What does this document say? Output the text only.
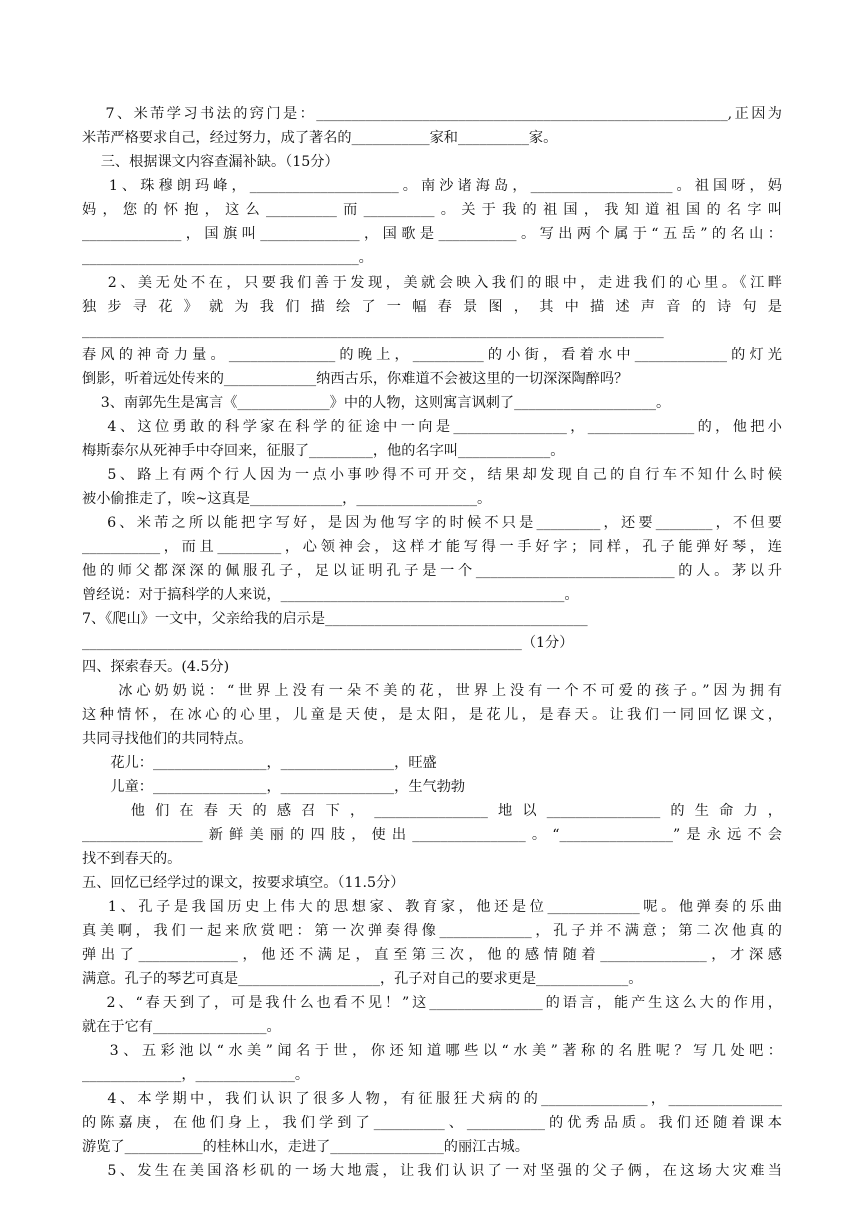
　 7、米芾学习书法的窍门是：__________________________________________________________,正因为
米芾严格要求自己，经过努力，成了著名的___________家和__________家。
　 三、根据课文内容查漏补缺。（15分）
　 1、珠穆朗玛峰，_____________________。南沙诸海岛，____________________。祖国呀，妈
妈，您的怀抱，这么__________而__________。关于我的祖国，我知道祖国的名字叫
______________，国旗叫______________，国歌是___________。写出两个属于“五岳”的名山：
_______________________________________。
　 2、美无处不在，只要我们善于发现，美就会映入我们的眼中，走进我们的心里。《江畔
独步寻花》就为我们描绘了一幅春景图，其中描述声音的诗句是
__________________________________________________________________________________
春风的神奇力量。_______________的晚上，__________的小街，看着水中_____________的灯光
倒影，听着远处传来的_____________纳西古乐，你难道不会被这里的一切深深陶醉吗？
　 3、南郭先生是寓言《_____________》中的人物，这则寓言讽刺了____________________。
　 4、这位勇敢的科学家在科学的征途中一向是________________，_______________的，他把小
梅斯泰尔从死神手中夺回来，征服了_________，他的名字叫_____________。
　 5、路上有两个行人因为一点小事吵得不可开交，结果却发现自己的自行车不知什么时候
被小偷推走了，唉~这真是_____________，_________________。
　 6、米芾之所以能把字写好，是因为他写字的时候不只是_________，还要________，不但要
___________，而且_________，心领神会，这样才能写得一手好字；同样，孔子能弹好琴，连
他的师父都深深的佩服孔子，足以证明孔子是一个____________________________的人。茅以升
曾经说：对于搞科学的人来说，________________________________________。
7、《爬山》一文中，父亲给我的启示是_____________________________________
______________________________________________________________（1分）
四、探索春天。(4.5分)
　　冰心奶奶说：“世界上没有一朵不美的花，世界上没有一个不可爱的孩子。”因为拥有
这种情怀，在冰心的心里，儿童是天使，是太阳，是花儿，是春天。让我们一同回忆课文，
共同寻找他们的共同特点。
　　花儿：________________，________________，旺盛
　　儿童：________________，________________，生气勃勃
　　他们在春天的感召下，________________地以________________的生命力，
_________________新鲜美丽的四肢，使出________________。“________________”是永远不会
找不到春天的。
五、回忆已经学过的课文，按要求填空。（11.5分）
　 1、孔子是我国历史上伟大的思想家、教育家，他还是位_____________呢。他弹奏的乐曲
真美啊，我们一起来欣赏吧：第一次弹奏得像_____________，孔子并不满意；第二次他真的
弹出了______________，他还不满足，直至第三次，他的感情随着_______________，才深感
满意。孔子的琴艺可真是____________________，孔子对自己的要求更是_____________。
　 2、“春天到了，可是我什么也看不见！”这________________的语言，能产生这么大的作用，
就在于它有________________。
　 3、五彩池以“水美”闻名于世，你还知道哪些以“水美”著称的名胜呢？写几处吧：
______________，______________。
　 4、本学期中，我们认识了很多人物，有征服狂犬病的的_______________，________________
的陈嘉庚，在他们身上，我们学到了__________、___________的优秀品质。我们还随着课本
游览了___________的桂林山水，走进了________________的丽江古城。
　 5、发生在美国洛杉矶的一场大地震，让我们认识了一对坚强的父子俩，在这场大灾难当
